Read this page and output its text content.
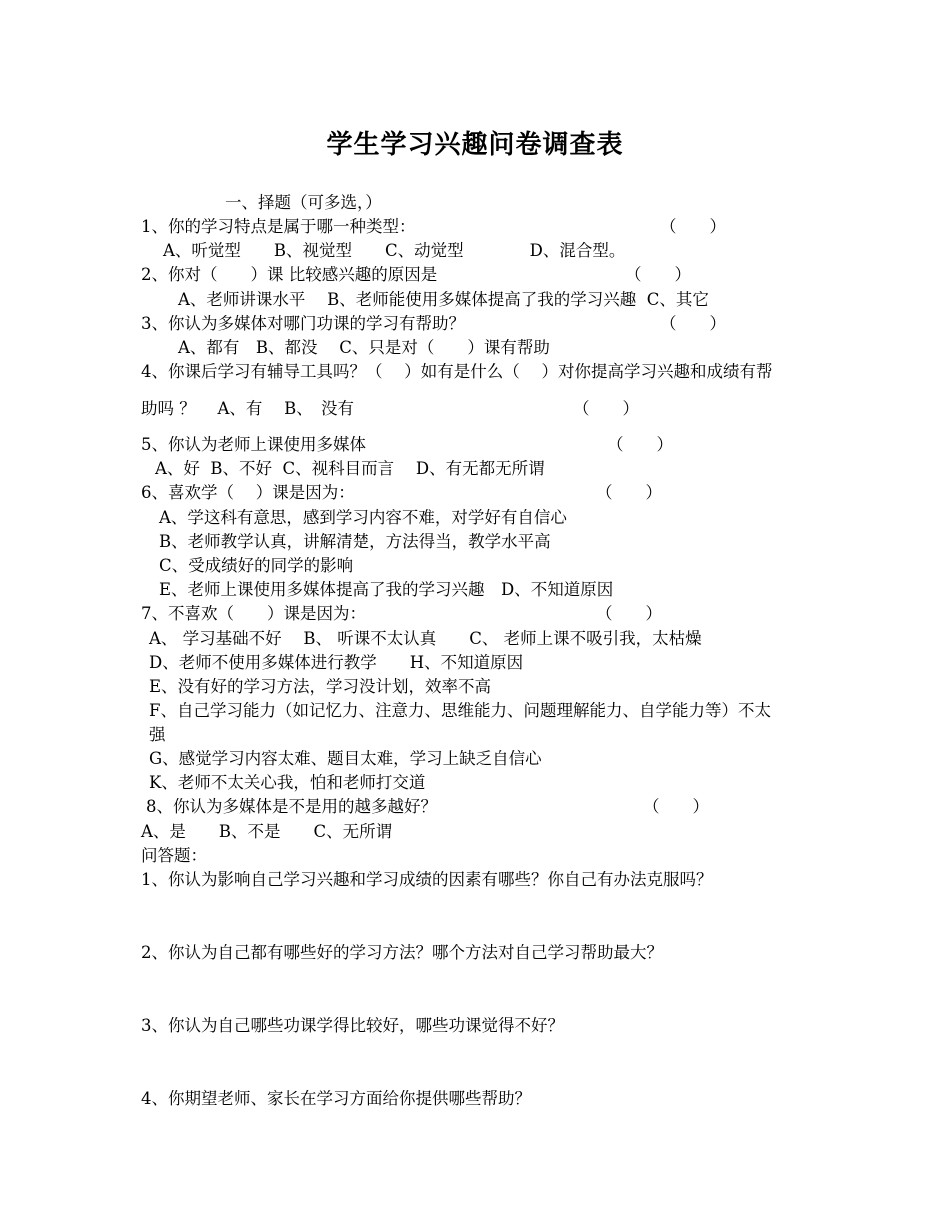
学生学习兴趣问卷调查表
一、择题（可多选，）
1、你的学习特点是属于哪一种类型：	（　　）
A、听觉型　　B、视觉型　　C、动觉型　　　　D、混合型。
2、你对（　　）课 比较感兴趣的原因是	（　　）
A、老师讲课水平　 B、老师能使用多媒体提高了我的学习兴趣  C、其它
3、你认为多媒体对哪门功课的学习有帮助？	（　　）
A、都有　B、都没　 C、只是对（　　）课有帮助
4、你课后学习有辅导工具吗？（　 ）如有是什么（　 ）对你提高学习兴趣和成绩有帮
助吗 ？　 A、有　 B、　没有	（　　）
5、你认为老师上课使用多媒体	（　　）
A、好  B、不好  C、视科目而言　 D、有无都无所谓
6、喜欢学（　 ）课是因为：	（　　）
A、学这科有意思，感到学习内容不难，对学好有自信心
B、老师教学认真，讲解清楚，方法得当，教学水平高
C、受成绩好的同学的影响
E、老师上课使用多媒体提高了我的学习兴趣　D、不知道原因
7、不喜欢（　　）课是因为：	（　　）
A、 学习基础不好　 B、 听课不太认真　　C、 老师上课不吸引我，太枯燥
D、老师不使用多媒体进行教学　　H、不知道原因
E、没有好的学习方法，学习没计划，效率不高
F、自己学习能力（如记忆力、注意力、思维能力、问题理解能力、自学能力等）不太
强
G、感觉学习内容太难、题目太难，学习上缺乏自信心
K、老师不太关心我，怕和老师打交道
8、你认为多媒体是不是用的越多越好？	（　　）
A、是　　B、不是　　C、无所谓
问答题：
1、你认为影响自己学习兴趣和学习成绩的因素有哪些？你自己有办法克服吗？
2、你认为自己都有哪些好的学习方法？哪个方法对自己学习帮助最大？
3、你认为自己哪些功课学得比较好，哪些功课觉得不好？
4、你期望老师、家长在学习方面给你提供哪些帮助？
